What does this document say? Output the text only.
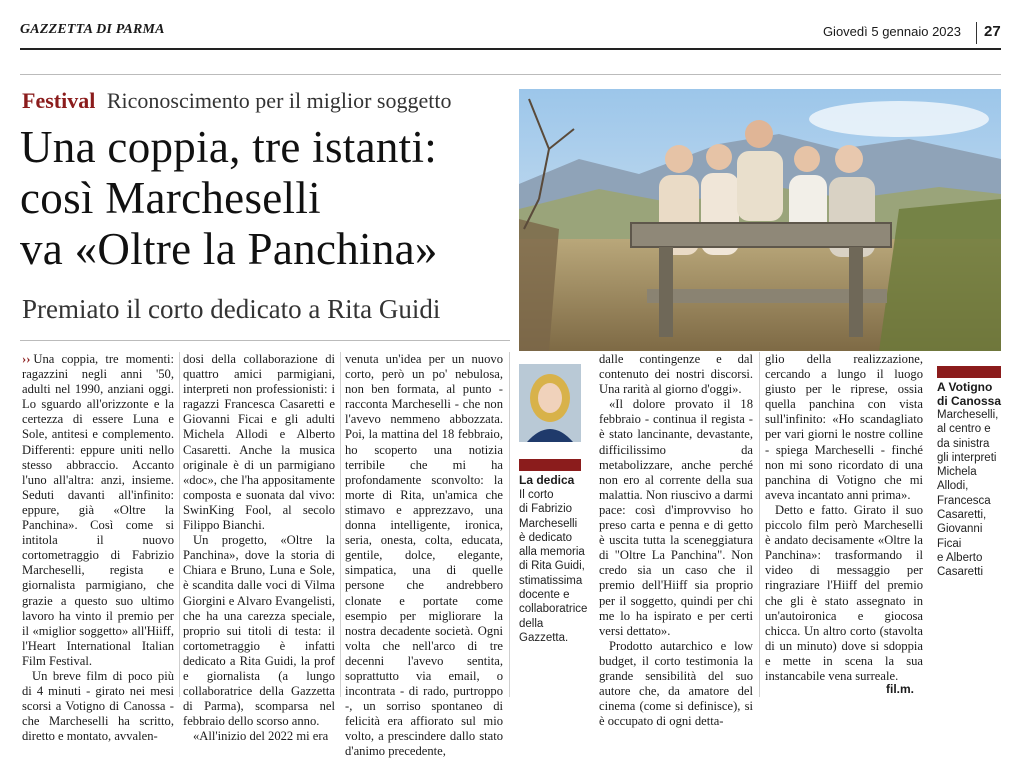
GAZZETTA DI PARMA	Giovedì 5 gennaio 2023 27
Festival Riconoscimento per il miglior soggetto
Una coppia, tre istanti:
così Marcheselli
va «Oltre la Panchina»
Premiato il corto dedicato a Rita Guidi

›› Una coppia, tre momenti: ragazzini negli anni '50, adulti nel 1990, anziani oggi. Lo sguardo all'orizzonte e la certezza di essere Luna e Sole, antitesi e complemento. Differenti: eppure uniti nello stesso abbraccio. Accanto l'uno all'altra: anzi, insieme. Seduti davanti all'infinito: eppure, già «Oltre la Panchina». Così come si intitola il nuovo cortometraggio di Fabrizio Marcheselli, regista e giornalista parmigiano, che grazie a questo suo ultimo lavoro ha vinto il premio per il «miglior soggetto» all'Hiiff, l'Heart International Italian Film Festival.

Un breve film di poco più di 4 minuti - girato nei mesi scorsi a Votigno di Canossa - che Marcheselli ha scritto, diretto e montato, avvalen-

dosi della collaborazione di quattro amici parmigiani, interpreti non professionisti: i ragazzi Francesca Casaretti e Giovanni Ficai e gli adulti Michela Allodi e Alberto Casaretti. Anche la musica originale è di un parmigiano «doc», che l'ha appositamente composta e suonata dal vivo: SwinKing Fool, al secolo Filippo Bianchi.

Un progetto, «Oltre la Panchina», dove la storia di Chiara e Bruno, Luna e Sole, è scandita dalle voci di Vilma Giorgini e Alvaro Evangelisti, che ha una carezza speciale, proprio sui titoli di testa: il cortometraggio è infatti dedicato a Rita Guidi, la prof e giornalista (a lungo collaboratrice della Gazzetta di Parma), scomparsa nel febbraio dello scorso anno.

«All'inizio del 2022 mi era

venuta un'idea per un nuovo corto, però un po' nebulosa, non ben formata, al punto - racconta Marcheselli - che non l'avevo nemmeno abbozzata. Poi, la mattina del 18 febbraio, ho scoperto una notizia terribile che mi ha profondamente sconvolto: la morte di Rita, un'amica che stimavo e apprezzavo, una donna intelligente, ironica, seria, onesta, colta, educata, gentile, dolce, elegante, simpatica, una di quelle persone che andrebbero clonate e portate come esempio per migliorare la nostra decadente società. Ogni volta che nell'arco di tre decenni l'avevo sentita, soprattutto via email, o incontrata - di rado, purtroppo -, un sorriso spontaneo di felicità era affiorato sul mio volto, a prescindere dallo stato d'animo precedente,

La dedica
Il corto
di Fabrizio
Marcheselli
è dedicato
alla memoria
di Rita Guidi,
stimatissima
docente e
collaboratrice
della
Gazzetta.

dalle contingenze e dal contenuto dei nostri discorsi. Una rarità al giorno d'oggi».

«Il dolore provato il 18 febbraio - continua il regista - è stato lancinante, devastante, difficilissimo da metabolizzare, anche perché non ero al corrente della sua malattia. Non riuscivo a darmi pace: così d'improvviso ho preso carta e penna e di getto è uscita tutta la sceneggiatura di "Oltre La Panchina". Non credo sia un caso che il premio dell'Hiiff sia proprio per il soggetto, quindi per chi me lo ha ispirato e per certi versi dettato».

Prodotto autarchico e low budget, il corto testimonia la grande sensibilità del suo autore che, da amatore del cinema (come si definisce), si è occupato di ogni detta-

glio della realizzazione, cercando a lungo il luogo giusto per le riprese, ossia quella panchina con vista sull'infinito: «Ho scandagliato per vari giorni le nostre colline - spiega Marcheselli - finché non mi sono ricordato di una panchina di Votigno che mi aveva incantato anni prima».

Detto e fatto. Girato il suo piccolo film però Marcheselli è andato decisamente «Oltre la Panchina»: trasformando il video di messaggio per ringraziare l'Hiiff del premio che gli è stato assegnato in un'autoironica e giocosa chicca. Un altro corto (stavolta di un minuto) dove si sdoppia e mette in scena la sua instancabile vena surreale.

fil.m.
A Votigno
di Canossa
Marcheselli,
al centro e
da sinistra
gli interpreti
Michela
Allodi,
Francesca
Casaretti,
Giovanni
Ficai
e Alberto
Casaretti
